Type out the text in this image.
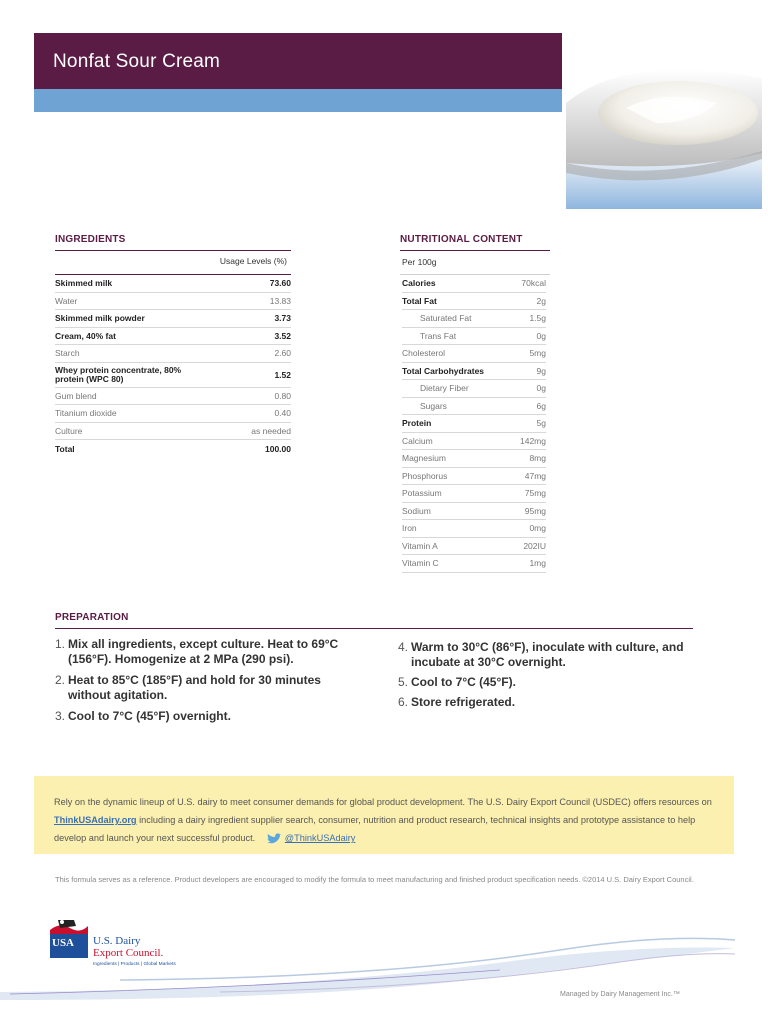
Nonfat Sour Cream
INGREDIENTS
Usage Levels (%)
Skimmed milk	73.60
Water	13.83
Skimmed milk powder	3.73
Cream, 40% fat	3.52
Starch	2.60
Whey protein concentrate, 80% protein (WPC 80)	1.52
Gum blend	0.80
Titanium dioxide	0.40
Culture	as needed
Total	100.00
NUTRITIONAL CONTENT
Per 100g
Calories	70kcal
Total Fat	2g
Saturated Fat	1.5g
Trans Fat	0g
Cholesterol	5mg
Total Carbohydrates	9g
Dietary Fiber	0g
Sugars	6g
Protein	5g
Calcium	142mg
Magnesium	8mg
Phosphorus	47mg
Potassium	75mg
Sodium	95mg
Iron	0mg
Vitamin A	202IU
Vitamin C	1mg
PREPARATION
1. Mix all ingredients, except culture. Heat to 69°C (156°F). Homogenize at 2 MPa (290 psi).
2. Heat to 85°C (185°F) and hold for 30 minutes without agitation.
3. Cool to 7°C (45°F) overnight.
4. Warm to 30°C (86°F), inoculate with culture, and incubate at 30°C overnight.
5. Cool to 7°C (45°F).
6. Store refrigerated.

Rely on the dynamic lineup of U.S. dairy to meet consumer demands for global product development. The U.S. Dairy Export Council (USDEC) offers resources on ThinkUSAdairy.org including a dairy ingredient supplier search, consumer, nutrition and product research, technical insights and prototype assistance to help develop and launch your next successful product.	@ThinkUSAdairy

This formula serves as a reference. Product developers are encouraged to modify the formula to meet manufacturing and finished product specification needs. ©2014 U.S. Dairy Export Council.
USA U.S. Dairy
Export Council.
Ingredients | Products | Global Markets
Managed by Dairy Management Inc.™
